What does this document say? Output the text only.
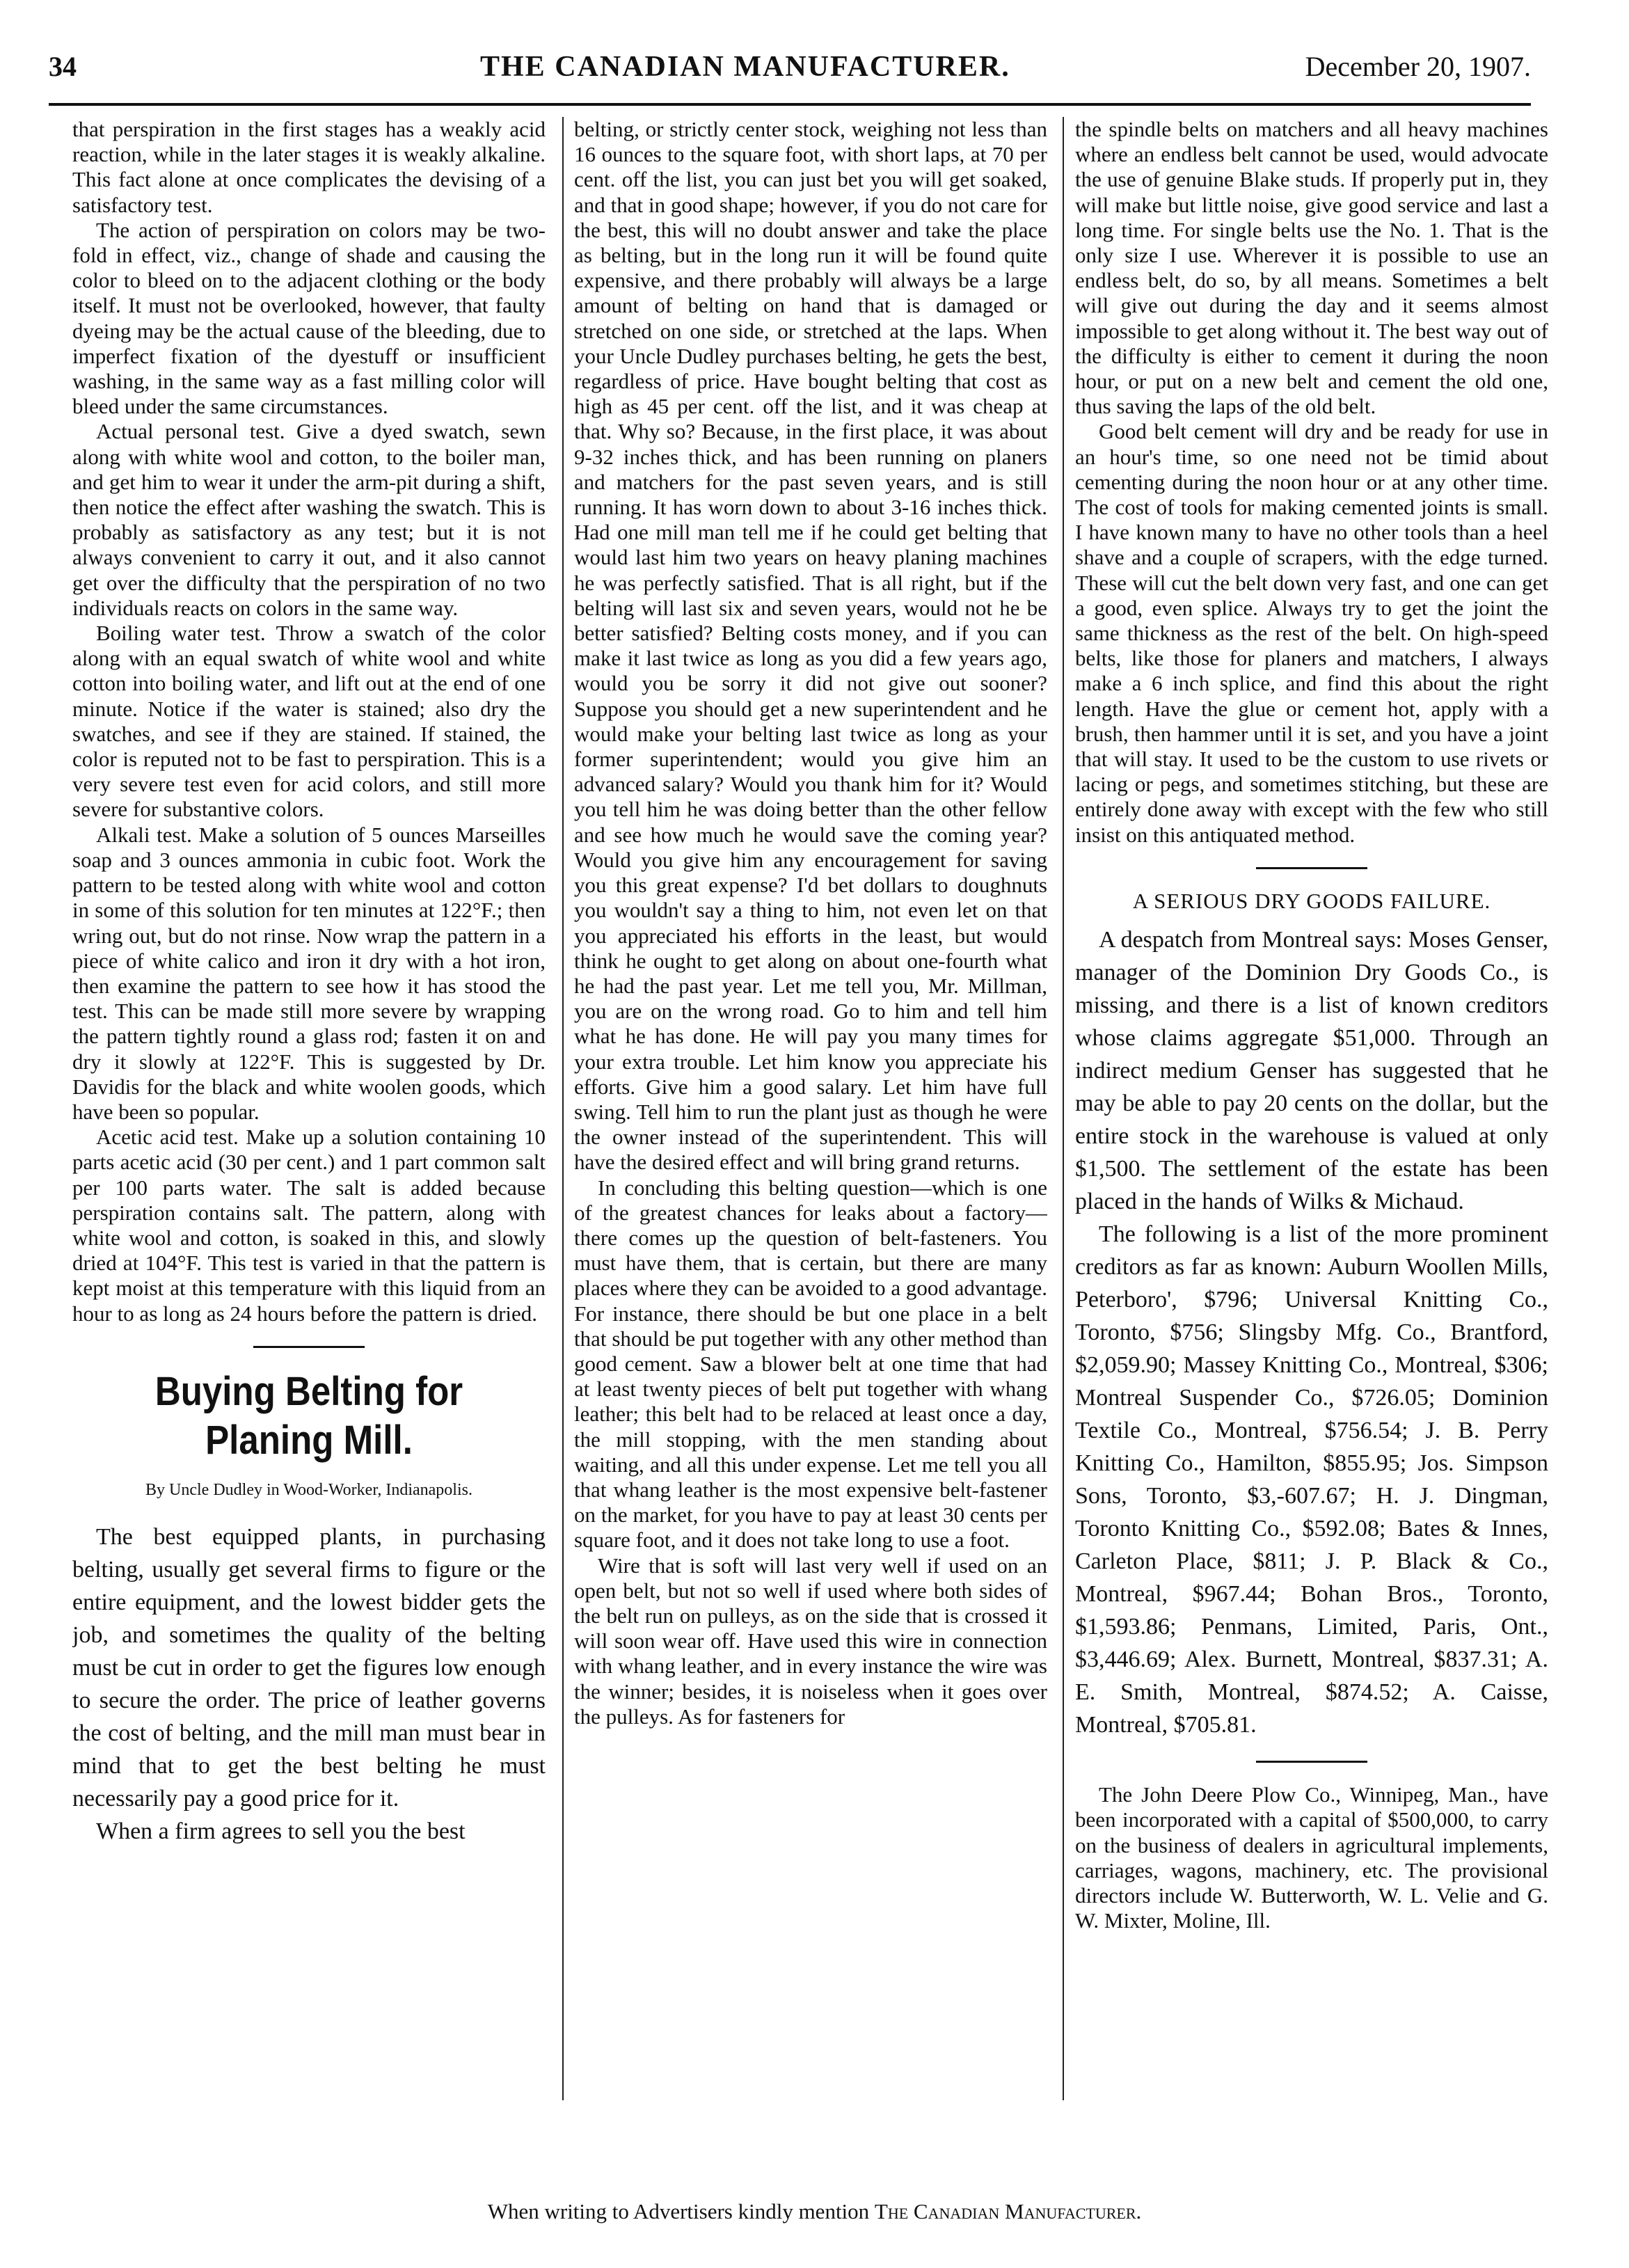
34	THE CANADIAN MANUFACTURER.	December 20, 1907.

that perspiration in the first stages has a weakly acid reaction, while in the later stages it is weakly alkaline. This fact alone at once complicates the devising of a satisfactory test.

The action of perspiration on colors may be two-fold in effect, viz., change of shade and causing the color to bleed on to the adjacent clothing or the body itself. It must not be overlooked, however, that faulty dyeing may be the actual cause of the bleeding, due to imperfect fixation of the dyestuff or insufficient washing, in the same way as a fast milling color will bleed under the same circumstances.

Actual personal test. Give a dyed swatch, sewn along with white wool and cotton, to the boiler man, and get him to wear it under the arm-pit during a shift, then notice the effect after washing the swatch. This is probably as satisfactory as any test; but it is not always convenient to carry it out, and it also cannot get over the difficulty that the perspiration of no two individuals reacts on colors in the same way.

Boiling water test. Throw a swatch of the color along with an equal swatch of white wool and white cotton into boiling water, and lift out at the end of one minute. Notice if the water is stained; also dry the swatches, and see if they are stained. If stained, the color is reputed not to be fast to perspiration. This is a very severe test even for acid colors, and still more severe for substantive colors.

Alkali test. Make a solution of 5 ounces Marseilles soap and 3 ounces ammonia in cubic foot. Work the pattern to be tested along with white wool and cotton in some of this solution for ten minutes at 122°F.; then wring out, but do not rinse. Now wrap the pattern in a piece of white calico and iron it dry with a hot iron, then examine the pattern to see how it has stood the test. This can be made still more severe by wrapping the pattern tightly round a glass rod; fasten it on and dry it slowly at 122°F. This is suggested by Dr. Davidis for the black and white woolen goods, which have been so popular.

Acetic acid test. Make up a solution containing 10 parts acetic acid (30 per cent.) and 1 part common salt per 100 parts water. The salt is added because perspiration contains salt. The pattern, along with white wool and cotton, is soaked in this, and slowly dried at 104°F. This test is varied in that the pattern is kept moist at this temperature with this liquid from an hour to as long as 24 hours before the pattern is dried.

Buying Belting for Planing Mill.
By Uncle Dudley in Wood-Worker, Indianapolis.

The best equipped plants, in purchasing belting, usually get several firms to figure or the entire equipment, and the lowest bidder gets the job, and sometimes the quality of the belting must be cut in order to get the figures low enough to secure the order. The price of leather governs the cost of belting, and the mill man must bear in mind that to get the best belting he must necessarily pay a good price for it.

When a firm agrees to sell you the best

belting, or strictly center stock, weighing not less than 16 ounces to the square foot, with short laps, at 70 per cent. off the list, you can just bet you will get soaked, and that in good shape; however, if you do not care for the best, this will no doubt answer and take the place as belting, but in the long run it will be found quite expensive, and there probably will always be a large amount of belting on hand that is damaged or stretched on one side, or stretched at the laps. When your Uncle Dudley purchases belting, he gets the best, regardless of price. Have bought belting that cost as high as 45 per cent. off the list, and it was cheap at that. Why so? Because, in the first place, it was about 9-32 inches thick, and has been running on planers and matchers for the past seven years, and is still running. It has worn down to about 3-16 inches thick. Had one mill man tell me if he could get belting that would last him two years on heavy planing machines he was perfectly satisfied. That is all right, but if the belting will last six and seven years, would not he be better satisfied? Belting costs money, and if you can make it last twice as long as you did a few years ago, would you be sorry it did not give out sooner? Suppose you should get a new superintendent and he would make your belting last twice as long as your former superintendent; would you give him an advanced salary? Would you thank him for it? Would you tell him he was doing better than the other fellow and see how much he would save the coming year? Would you give him any encouragement for saving you this great expense? I'd bet dollars to doughnuts you wouldn't say a thing to him, not even let on that you appreciated his efforts in the least, but would think he ought to get along on about one-fourth what he had the past year. Let me tell you, Mr. Millman, you are on the wrong road. Go to him and tell him what he has done. He will pay you many times for your extra trouble. Let him know you appreciate his efforts. Give him a good salary. Let him have full swing. Tell him to run the plant just as though he were the owner instead of the superintendent. This will have the desired effect and will bring grand returns.

In concluding this belting question—which is one of the greatest chances for leaks about a factory—there comes up the question of belt-fasteners. You must have them, that is certain, but there are many places where they can be avoided to a good advantage. For instance, there should be but one place in a belt that should be put together with any other method than good cement. Saw a blower belt at one time that had at least twenty pieces of belt put together with whang leather; this belt had to be relaced at least once a day, the mill stopping, with the men standing about waiting, and all this under expense. Let me tell you all that whang leather is the most expensive belt-fastener on the market, for you have to pay at least 30 cents per square foot, and it does not take long to use a foot.

Wire that is soft will last very well if used on an open belt, but not so well if used where both sides of the belt run on pulleys, as on the side that is crossed it will soon wear off. Have used this wire in connection with whang leather, and in every instance the wire was the winner; besides, it is noiseless when it goes over the pulleys. As for fasteners for

the spindle belts on matchers and all heavy machines where an endless belt cannot be used, would advocate the use of genuine Blake studs. If properly put in, they will make but little noise, give good service and last a long time. For single belts use the No. 1. That is the only size I use. Wherever it is possible to use an endless belt, do so, by all means. Sometimes a belt will give out during the day and it seems almost impossible to get along without it. The best way out of the difficulty is either to cement it during the noon hour, or put on a new belt and cement the old one, thus saving the laps of the old belt.

Good belt cement will dry and be ready for use in an hour's time, so one need not be timid about cementing during the noon hour or at any other time. The cost of tools for making cemented joints is small. I have known many to have no other tools than a heel shave and a couple of scrapers, with the edge turned. These will cut the belt down very fast, and one can get a good, even splice. Always try to get the joint the same thickness as the rest of the belt. On high-speed belts, like those for planers and matchers, I always make a 6 inch splice, and find this about the right length. Have the glue or cement hot, apply with a brush, then hammer until it is set, and you have a joint that will stay. It used to be the custom to use rivets or lacing or pegs, and sometimes stitching, but these are entirely done away with except with the few who still insist on this antiquated method.

A SERIOUS DRY GOODS FAILURE.

A despatch from Montreal says: Moses Genser, manager of the Dominion Dry Goods Co., is missing, and there is a list of known creditors whose claims aggregate $51,000. Through an indirect medium Genser has suggested that he may be able to pay 20 cents on the dollar, but the entire stock in the warehouse is valued at only $1,500. The settlement of the estate has been placed in the hands of Wilks & Michaud.

The following is a list of the more prominent creditors as far as known: Auburn Woollen Mills, Peterboro', $796; Universal Knitting Co., Toronto, $756; Slingsby Mfg. Co., Brantford, $2,059.90; Massey Knitting Co., Montreal, $306; Montreal Suspender Co., $726.05; Dominion Textile Co., Montreal, $756.54; J. B. Perry Knitting Co., Hamilton, $855.95; Jos. Simpson Sons, Toronto, $3,-607.67; H. J. Dingman, Toronto Knitting Co., $592.08; Bates & Innes, Carleton Place, $811; J. P. Black & Co., Montreal, $967.44; Bohan Bros., Toronto, $1,593.86; Penmans, Limited, Paris, Ont., $3,446.69; Alex. Burnett, Montreal, $837.31; A. E. Smith, Montreal, $874.52; A. Caisse, Montreal, $705.81.

The John Deere Plow Co., Winnipeg, Man., have been incorporated with a capital of $500,000, to carry on the business of dealers in agricultural implements, carriages, wagons, machinery, etc. The provisional directors include W. Butterworth, W. L. Velie and G. W. Mixter, Moline, Ill.

When writing to Advertisers kindly mention The Canadian Manufacturer.
